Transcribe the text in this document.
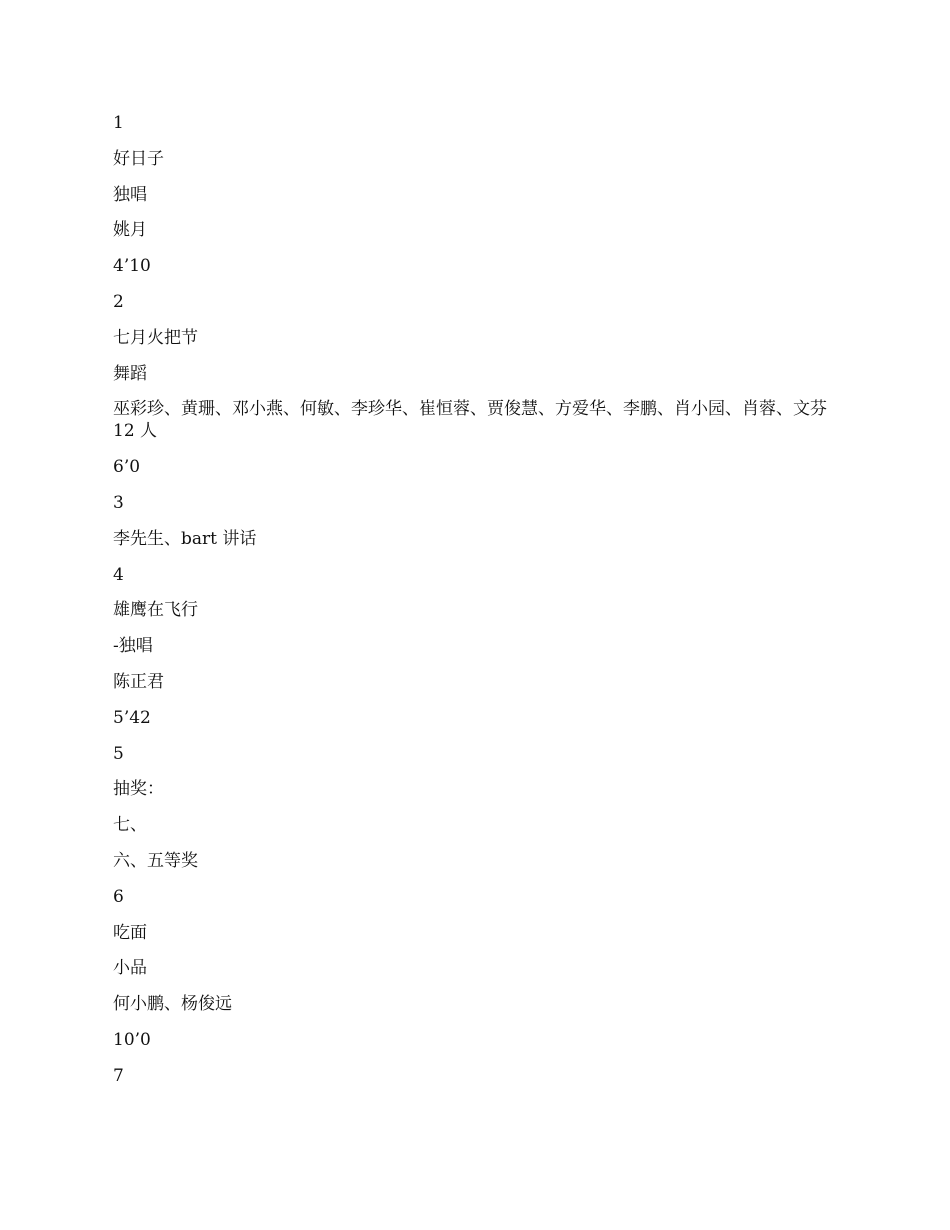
1
好日子
独唱
姚月
4’10
2
七月火把节
舞蹈
巫彩珍、黄珊、邓小燕、何敏、李珍华、崔恒蓉、贾俊慧、方爱华、李鹏、肖小园、肖蓉、文芬 12 人
6’0
3
李先生、bart 讲话
4
雄鹰在飞行
-独唱
陈正君
5’42
5
抽奖：
七、
六、五等奖
6
吃面
小品
何小鹏、杨俊远
10’0
7
